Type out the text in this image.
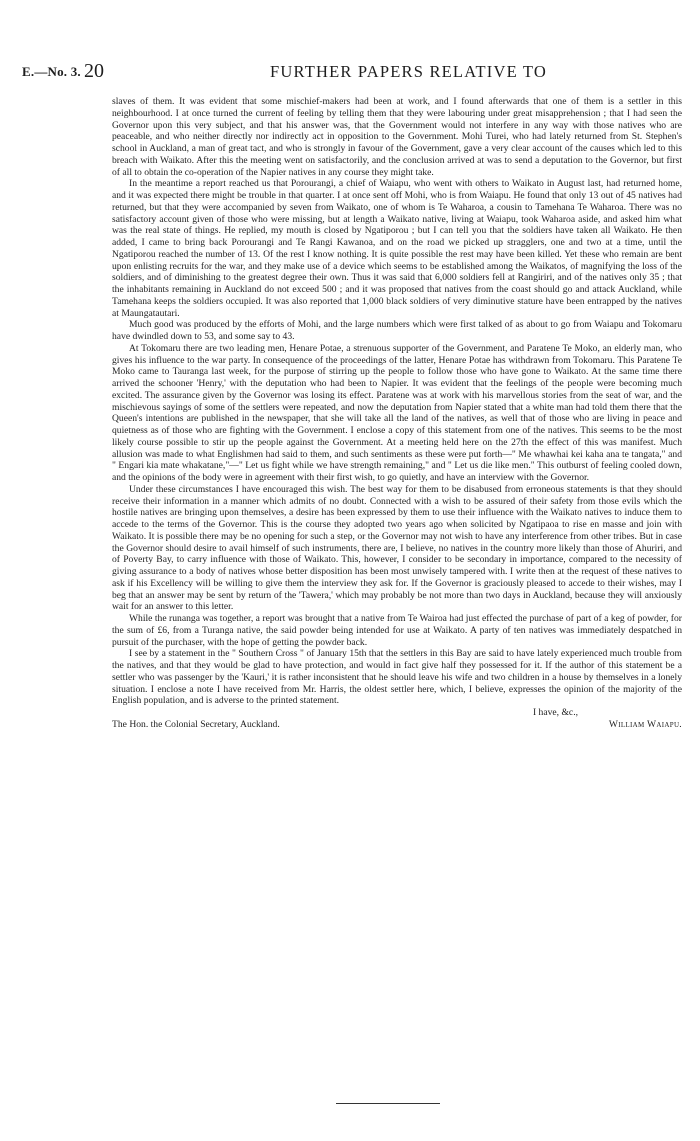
E.—No. 3. 20	FURTHER PAPERS RELATIVE TO

slaves of them. It was evident that some mischief-makers had been at work, and I found afterwards that one of them is a settler in this neighbourhood. I at once turned the current of feeling by telling them that they were labouring under great misapprehension ; that I had seen the Governor upon this very subject, and that his answer was, that the Government would not interfere in any way with those natives who are peaceable, and who neither directly nor indirectly act in opposition to the Government. Mohi Turei, who had lately returned from St. Stephen's school in Auckland, a man of great tact, and who is strongly in favour of the Government, gave a very clear account of the causes which led to this breach with Waikato. After this the meeting went on satisfactorily, and the conclusion arrived at was to send a deputation to the Governor, but first of all to obtain the co-operation of the Napier natives in any course they might take.

In the meantime a report reached us that Porourangi, a chief of Waiapu, who went with others to Waikato in August last, had returned home, and it was expected there might be trouble in that quarter. I at once sent off Mohi, who is from Waiapu. He found that only 13 out of 45 natives had returned, but that they were accompanied by seven from Waikato, one of whom is Te Waharoa, a cousin to Tamehana Te Waharoa. There was no satisfactory account given of those who were missing, but at length a Waikato native, living at Waiapu, took Waharoa aside, and asked him what was the real state of things. He replied, my mouth is closed by Ngatiporou ; but I can tell you that the soldiers have taken all Waikato. He then added, I came to bring back Porourangi and Te Rangi Kawanoa, and on the road we picked up stragglers, one and two at a time, until the Ngatiporou reached the number of 13. Of the rest I know nothing. It is quite possible the rest may have been killed. Yet these who remain are bent upon enlisting recruits for the war, and they make use of a device which seems to be established among the Waikatos, of magnifying the loss of the soldiers, and of diminishing to the greatest degree their own. Thus it was said that 6,000 soldiers fell at Rangiriri, and of the natives only 35 ; that the inhabitants remaining in Auckland do not exceed 500 ; and it was proposed that natives from the coast should go and attack Auckland, while Tamehana keeps the soldiers occupied. It was also reported that 1,000 black soldiers of very diminutive stature have been entrapped by the natives at Maungatautari.

Much good was produced by the efforts of Mohi, and the large numbers which were first talked of as about to go from Waiapu and Tokomaru have dwindled down to 53, and some say to 43.

At Tokomaru there are two leading men, Henare Potae, a strenuous supporter of the Government, and Paratene Te Moko, an elderly man, who gives his influence to the war party. In consequence of the proceedings of the latter, Henare Potae has withdrawn from Tokomaru. This Paratene Te Moko came to Tauranga last week, for the purpose of stirring up the people to follow those who have gone to Waikato. At the same time there arrived the schooner 'Henry,' with the deputation who had been to Napier. It was evident that the feelings of the people were becoming much excited. The assurance given by the Governor was losing its effect. Paratene was at work with his marvellous stories from the seat of war, and the mischievous sayings of some of the settlers were repeated, and now the deputation from Napier stated that a white man had told them there that the Queen's intentions are published in the newspaper, that she will take all the land of the natives, as well that of those who are living in peace and quietness as of those who are fighting with the Government. I enclose a copy of this statement from one of the natives. This seems to be the most likely course possible to stir up the people against the Government. At a meeting held here on the 27th the effect of this was manifest. Much allusion was made to what Englishmen had said to them, and such sentiments as these were put forth—" Me whawhai kei kaha ana te tangata," and " Engari kia mate whakatane,"—" Let us fight while we have strength remaining," and " Let us die like men." This outburst of feeling cooled down, and the opinions of the body were in agreement with their first wish, to go quietly, and have an interview with the Governor.

Under these circumstances I have encouraged this wish. The best way for them to be disabused from erroneous statements is that they should receive their information in a manner which admits of no doubt. Connected with a wish to be assured of their safety from those evils which the hostile natives are bringing upon themselves, a desire has been expressed by them to use their influence with the Waikato natives to induce them to accede to the terms of the Governor. This is the course they adopted two years ago when solicited by Ngatipaoa to rise en masse and join with Waikato. It is possible there may be no opening for such a step, or the Governor may not wish to have any interference from other tribes. But in case the Governor should desire to avail himself of such instruments, there are, I believe, no natives in the country more likely than those of Ahuriri, and of Poverty Bay, to carry influence with those of Waikato. This, however, I consider to be secondary in importance, compared to the necessity of giving assurance to a body of natives whose better disposition has been most unwisely tampered with. I write then at the request of these natives to ask if his Excellency will be willing to give them the interview they ask for. If the Governor is graciously pleased to accede to their wishes, may I beg that an answer may be sent by return of the 'Tawera,' which may probably be not more than two days in Auckland, because they will anxiously wait for an answer to this letter.

While the runanga was together, a report was brought that a native from Te Wairoa had just effected the purchase of part of a keg of powder, for the sum of £6, from a Turanga native, the said powder being intended for use at Waikato. A party of ten natives was immediately despatched in pursuit of the purchaser, with the hope of getting the powder back.

I see by a statement in the " Southern Cross " of January 15th that the settlers in this Bay are said to have lately experienced much trouble from the natives, and that they would be glad to have protection, and would in fact give half they possessed for it. If the author of this statement be a settler who was passenger by the 'Kauri,' it is rather inconsistent that he should leave his wife and two children in a house by themselves in a lonely situation. I enclose a note I have received from Mr. Harris, the oldest settler here, which, I believe, expresses the opinion of the majority of the English population, and is adverse to the printed statement.

I have, &c.,
The Hon. the Colonial Secretary, Auckland.	William Waiapu.
